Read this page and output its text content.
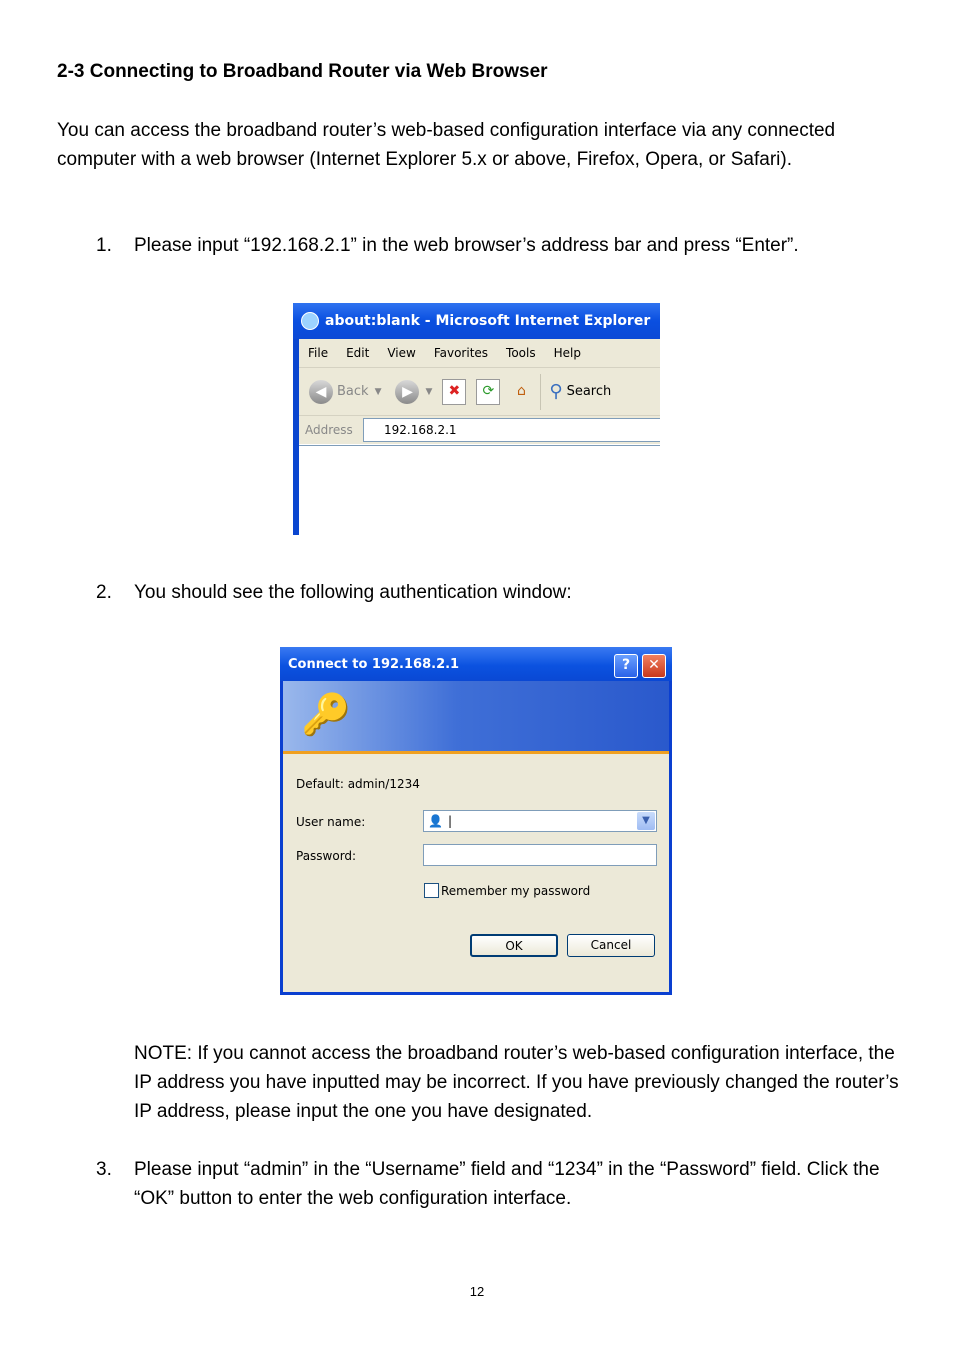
2-3 Connecting to Broadband Router via Web Browser

You can access the broadband router’s web-based configuration interface via any connected computer with a web browser (Internet Explorer 5.x or above, Firefox, Opera, or Safari).

1. Please input “192.168.2.1” in the web browser’s address bar and press “Enter”.
about:blank - Microsoft Internet Explorer
File	Edit	View	Favorites	Tools	Help
◀ Back ▼	▶	▼	✖	⟳	⌂	⚲ Search
Address	192.168.2.1
2. You should see the following authentication window:
Connect to 192.168.2.1	?	✕
🔑
Default: admin/1234
User name:	👤 |	▼
Password:
Remember my password
OK	Cancel

NOTE: If you cannot access the broadband router’s web-based configuration interface, the IP address you have inputted may be incorrect. If you have previously changed the router’s IP address, please input the one you have designated.

3. Please input “admin” in the “Username” field and “1234” in the “Password” field. Click the “OK” button to enter the web configuration interface.
12
